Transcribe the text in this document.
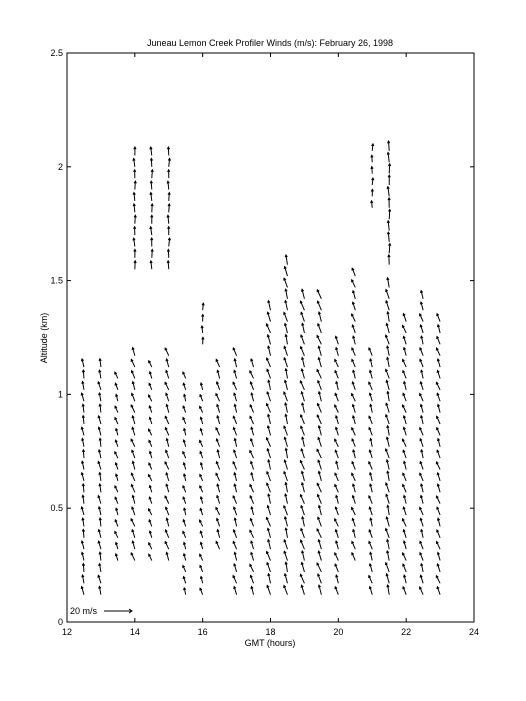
Juneau Lemon Creek Profiler Winds (m/s): February 26, 1998
12	14	16	18	20	22	24
0
0.5
1
1.5
2
2.5
20 m/s
GMT (hours)
Altitude (km)
